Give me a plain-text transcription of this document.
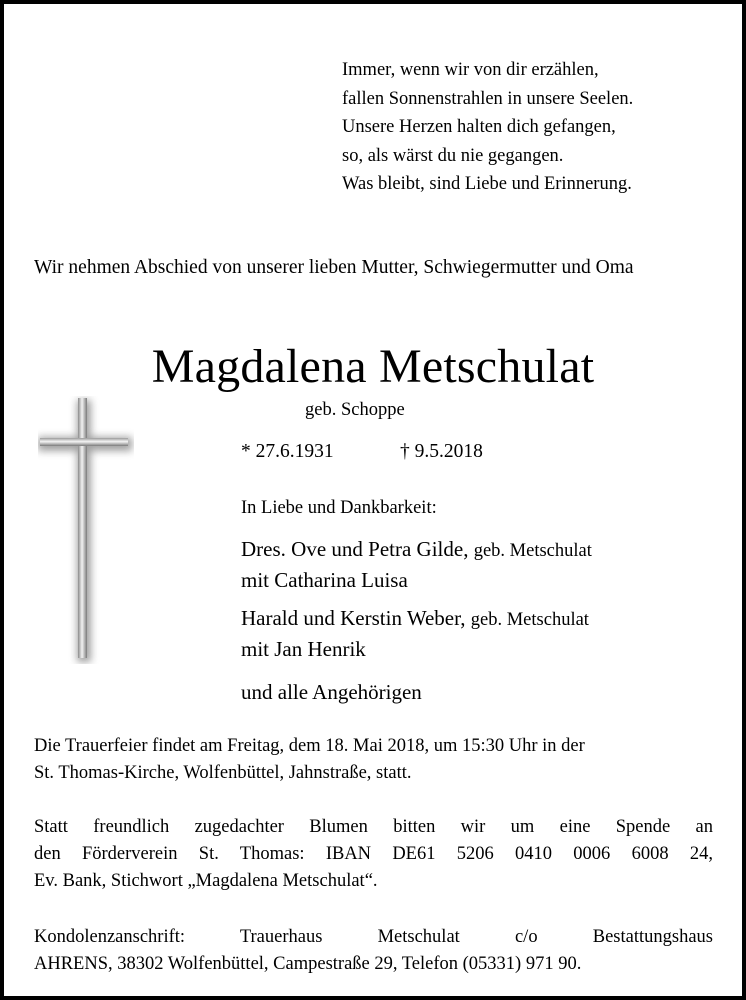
Immer, wenn wir von dir erzählen,
fallen Sonnenstrahlen in unsere Seelen.
Unsere Herzen halten dich gefangen,
so, als wärst du nie gegangen.
Was bleibt, sind Liebe und Erinnerung.
Wir nehmen Abschied von unserer lieben Mutter, Schwiegermutter und Oma
Magdalena Metschulat
geb. Schoppe
* 27.6.1931	† 9.5.2018
In Liebe und Dankbarkeit:
Dres. Ove und Petra Gilde, geb. Metschulat
mit Catharina Luisa
Harald und Kerstin Weber, geb. Metschulat
mit Jan Henrik
und alle Angehörigen
Die Trauerfeier findet am Freitag, dem 18. Mai 2018, um 15:30 Uhr in der
St. Thomas-Kirche, Wolfenbüttel, Jahnstraße, statt.
Statt freundlich zugedachter Blumen bitten wir um eine Spende an
den Förderverein St. Thomas: IBAN DE61 5206 0410 0006 6008 24,
Ev. Bank, Stichwort „Magdalena Metschulat“.
Kondolenzanschrift: Trauerhaus Metschulat c/o Bestattungshaus
AHRENS, 38302 Wolfenbüttel, Campestraße 29, Telefon (05331) 971 90.
